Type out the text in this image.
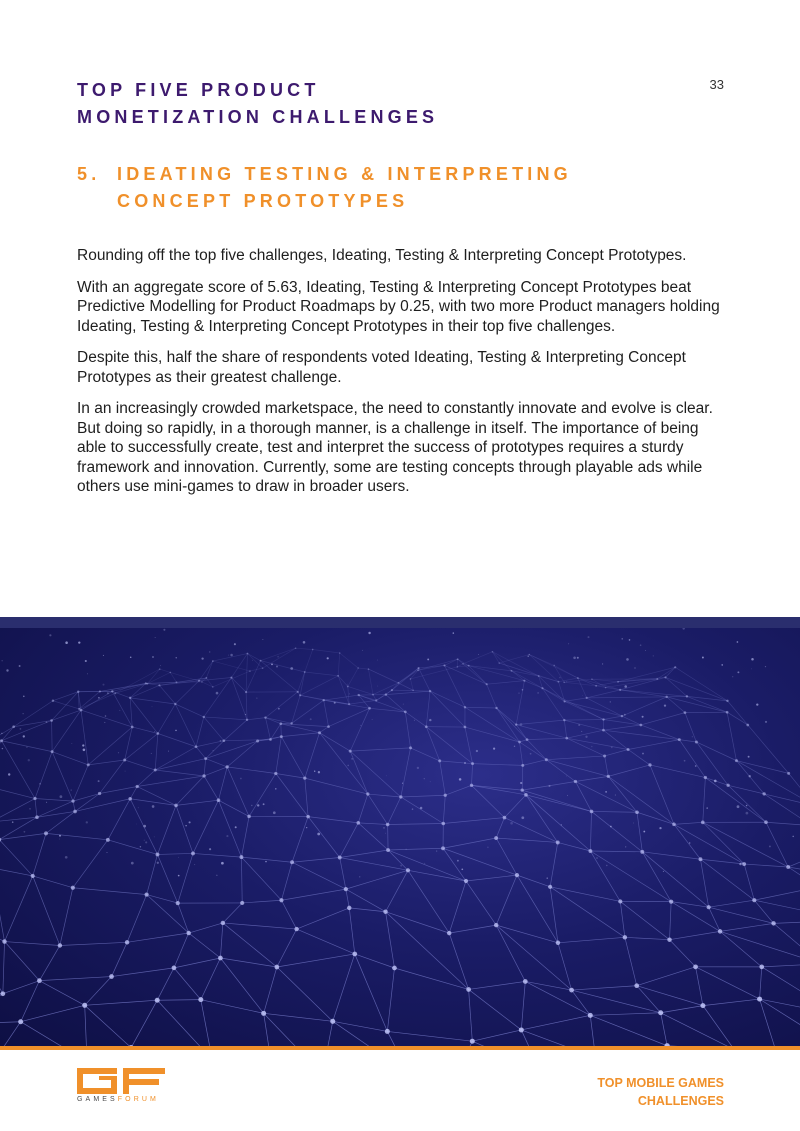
33
TOP FIVE PRODUCT
MONETIZATION CHALLENGES
5. IDEATING TESTING & INTERPRETING
CONCEPT PROTOTYPES

Rounding off the top five challenges, Ideating, Testing & Interpreting Concept Prototypes.

With an aggregate score of 5.63, Ideating, Testing & Interpreting Concept Prototypes beat Predictive Modelling for Product Roadmaps by 0.25, with two more Product managers holding Ideating, Testing & Interpreting Concept Prototypes in their top five challenges.

Despite this, half the share of respondents voted Ideating, Testing & Interpreting Concept Prototypes as their greatest challenge.

In an increasingly crowded marketspace, the need to constantly innovate and evolve is clear. But doing so rapidly, in a thorough manner, is a challenge in itself. The importance of being able to successfully create, test and interpret the success of prototypes requires a sturdy framework and innovation. Currently, some are testing concepts through playable ads while others use mini-games to draw in broader users.

GAMESFORUM
TOP MOBILE GAMES
CHALLENGES
